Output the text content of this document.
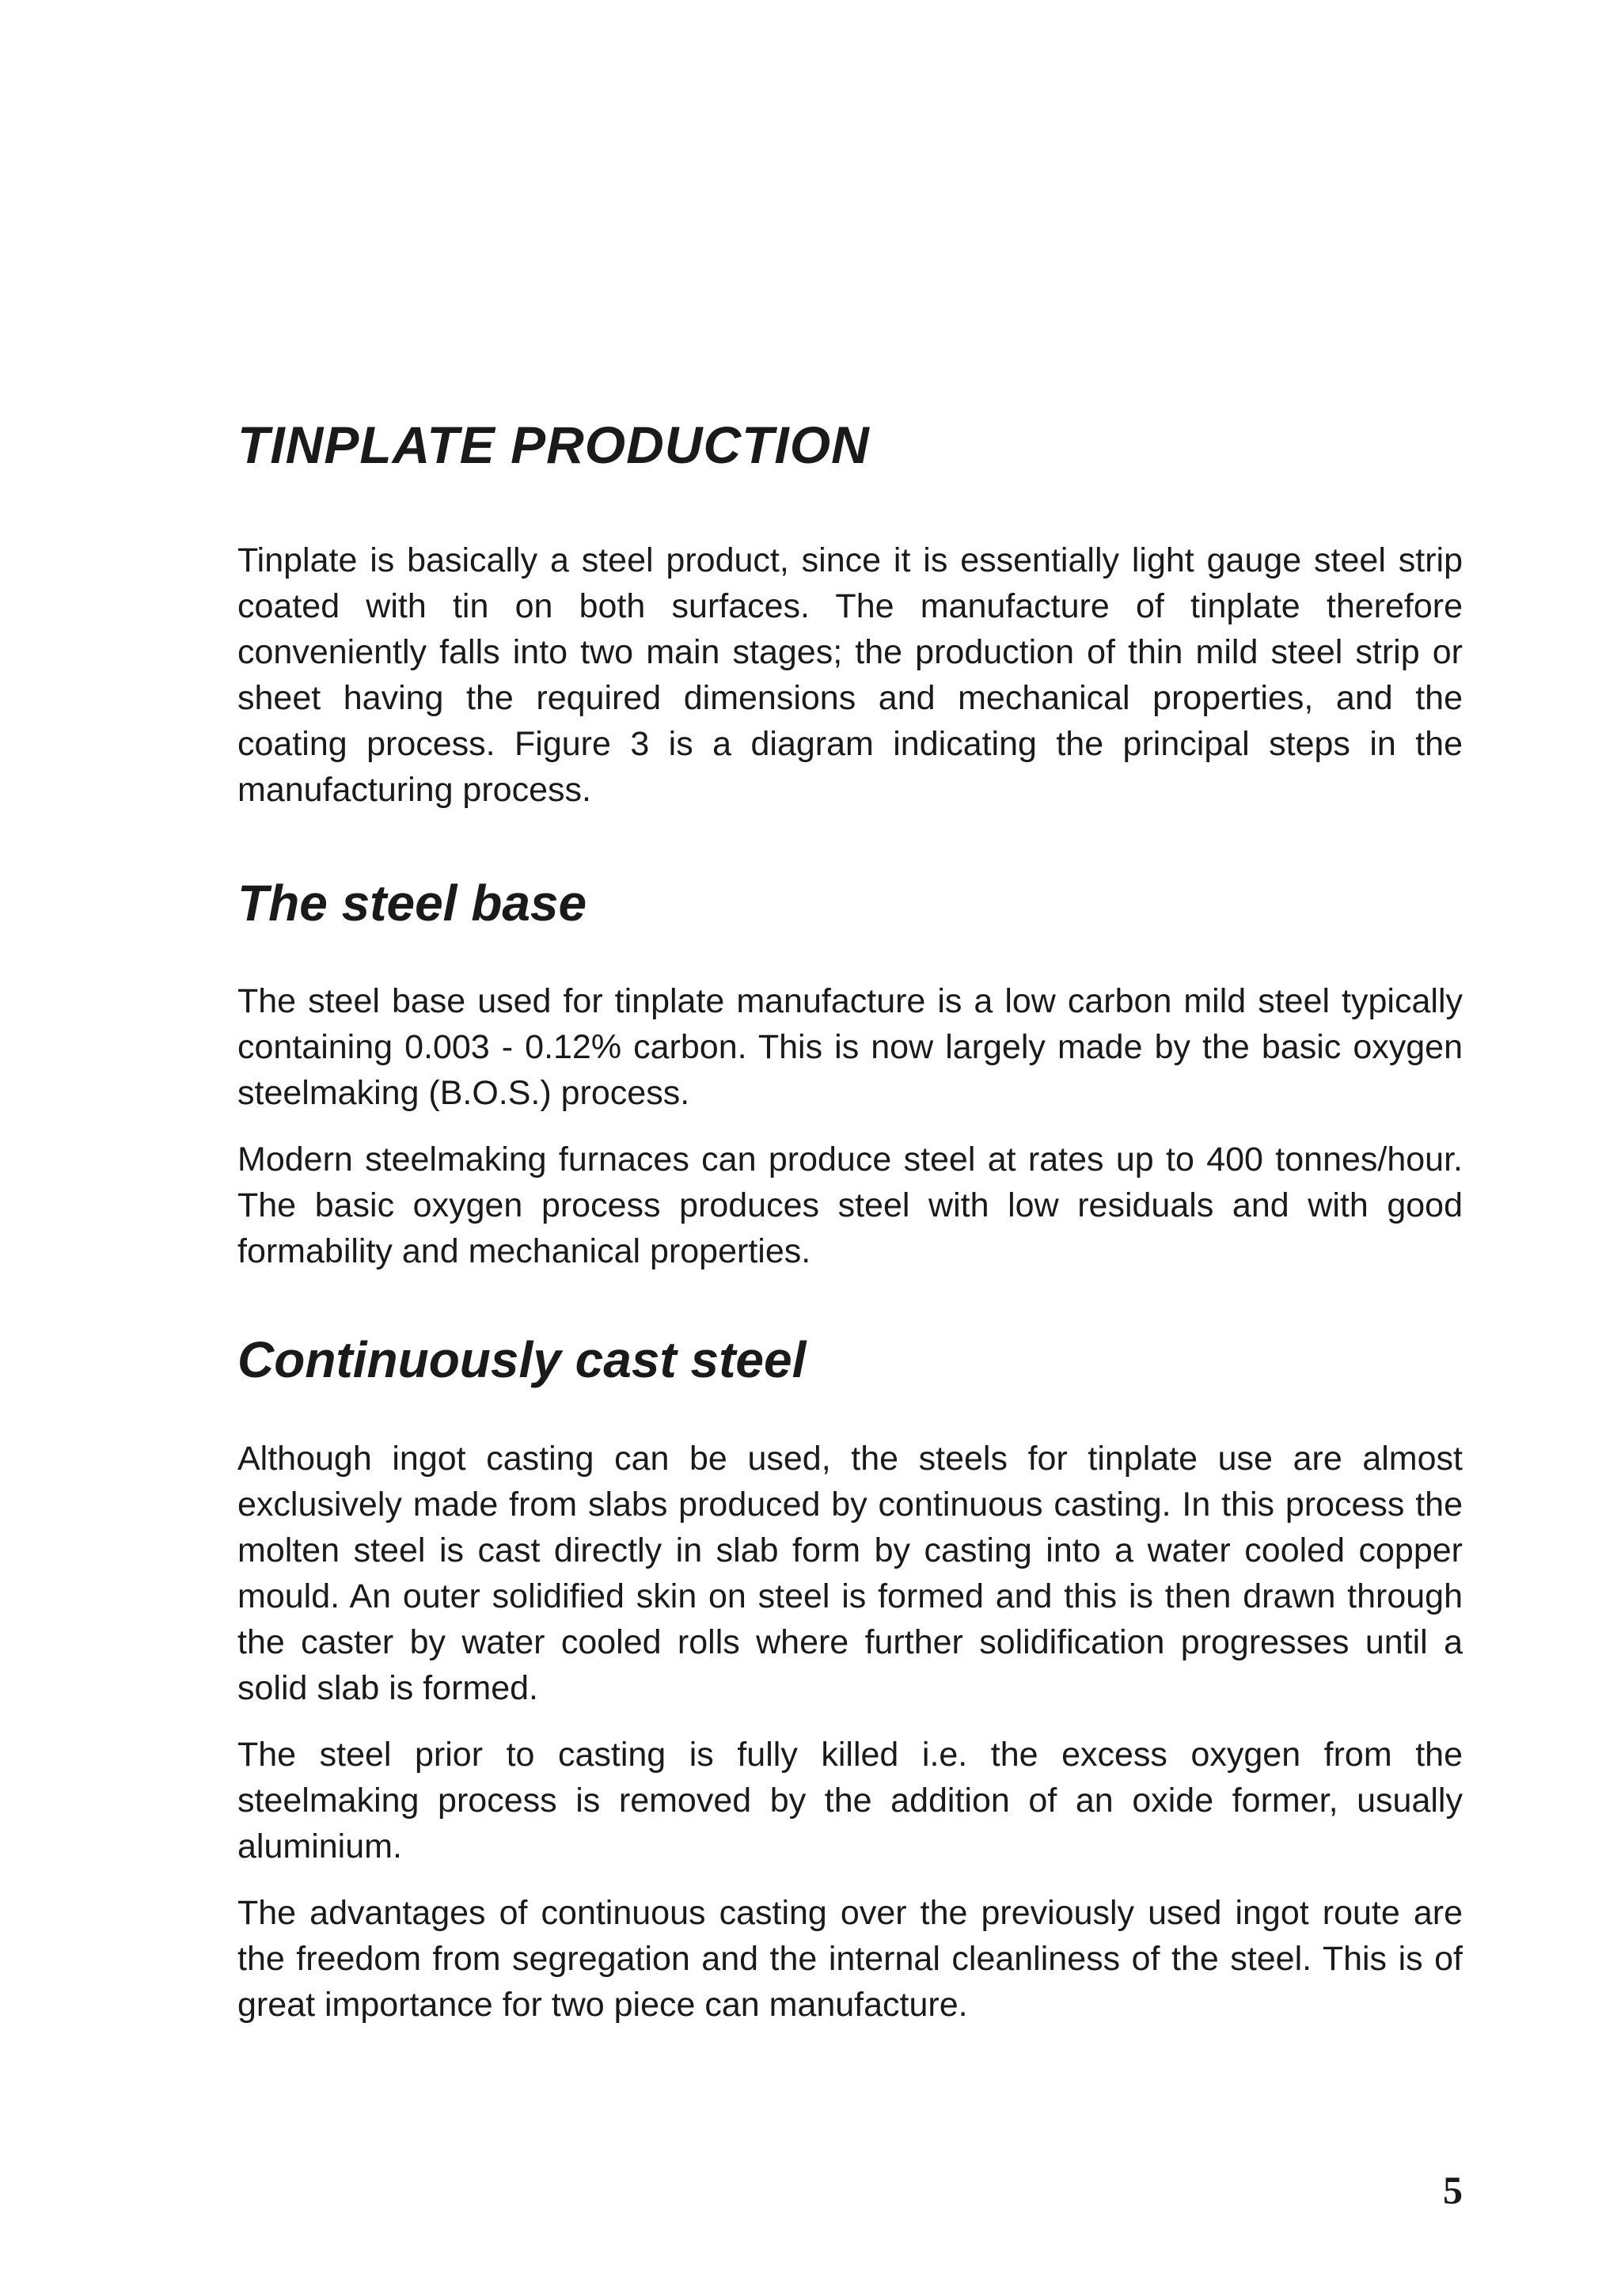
TINPLATE PRODUCTION

Tinplate is basically a steel product, since it is essentially light gauge steel strip coated with tin on both surfaces. The manufacture of tinplate therefore conveniently falls into two main stages; the production of thin mild steel strip or sheet having the required dimensions and mechanical properties, and the coating process. Figure 3 is a diagram indicating the principal steps in the manufacturing process.

The steel base

The steel base used for tinplate manufacture is a low carbon mild steel typically containing 0.003 - 0.12% carbon. This is now largely made by the basic oxygen steelmaking (B.O.S.) process.

Modern steelmaking furnaces can produce steel at rates up to 400 tonnes/hour. The basic oxygen process produces steel with low residuals and with good formability and mechanical properties.

Continuously cast steel

Although ingot casting can be used, the steels for tinplate use are almost exclusively made from slabs produced by continuous casting. In this process the molten steel is cast directly in slab form by casting into a water cooled copper mould. An outer solidified skin on steel is formed and this is then drawn through the caster by water cooled rolls where further solidification progresses until a solid slab is formed.

The steel prior to casting is fully killed i.e. the excess oxygen from the steelmaking process is removed by the addition of an oxide former, usually aluminium.

The advantages of continuous casting over the previously used ingot route are the freedom from segregation and the internal cleanliness of the steel. This is of great importance for two piece can manufacture.

5
